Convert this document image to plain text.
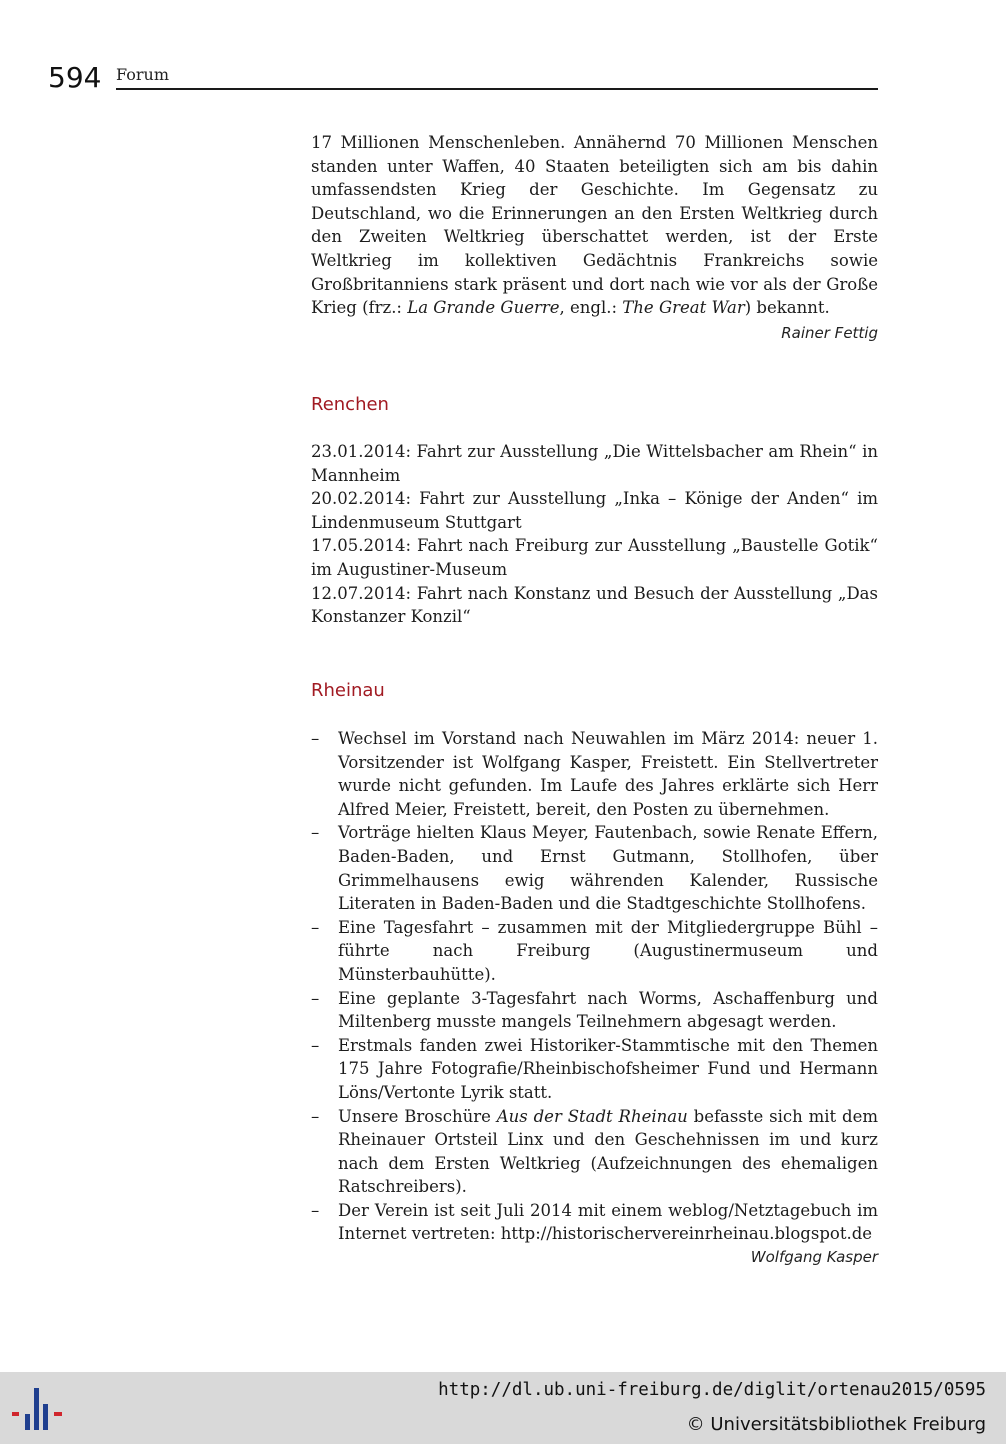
594 Forum

17 Millionen Menschenleben. Annähernd 70 Millionen Menschen standen unter Waffen, 40 Staaten beteiligten sich am bis dahin umfassendsten Krieg der Geschichte. Im Gegensatz zu Deutschland, wo die Erinnerungen an den Ersten Weltkrieg durch den Zweiten Weltkrieg überschattet werden, ist der Erste Weltkrieg im kollektiven Gedächtnis Frankreichs sowie Großbritanniens stark präsent und dort nach wie vor als der Große Krieg (frz.: La Grande Guerre, engl.: The Great War) bekannt.

Rainer Fettig
Renchen

23.01.2014: Fahrt zur Ausstellung „Die Wittelsbacher am Rhein“ in Mannheim

20.02.2014: Fahrt zur Ausstellung „Inka – Könige der Anden“ im Lindenmuseum Stuttgart

17.05.2014: Fahrt nach Freiburg zur Ausstellung „Baustelle Gotik“ im Augustiner-Museum

12.07.2014: Fahrt nach Konstanz und Besuch der Ausstellung „Das Konstanzer Konzil“

Rheinau
– Wechsel im Vorstand nach Neuwahlen im März 2014: neuer 1. Vorsitzender ist Wolfgang Kasper, Freistett. Ein Stellvertreter wurde nicht gefunden. Im Laufe des Jahres erklärte sich Herr Alfred Meier, Freistett, bereit, den Posten zu übernehmen.
– Vorträge hielten Klaus Meyer, Fautenbach, sowie Renate Effern, Baden-Baden, und Ernst Gutmann, Stollhofen, über Grimmelhausens ewig währenden Kalender, Russische Literaten in Baden-Baden und die Stadtgeschichte Stollhofens.
– Eine Tagesfahrt – zusammen mit der Mitgliedergruppe Bühl – führte nach Freiburg (Augustinermuseum und Münsterbauhütte).
– Eine geplante 3-Tagesfahrt nach Worms, Aschaffenburg und Miltenberg musste mangels Teilnehmern abgesagt werden.
– Erstmals fanden zwei Historiker-Stammtische mit den Themen 175 Jahre Fotografie/Rheinbischofsheimer Fund und Hermann Löns/Vertonte Lyrik statt.
– Unsere Broschüre Aus der Stadt Rheinau befasste sich mit dem Rheinauer Ortsteil Linx und den Geschehnissen im und kurz nach dem Ersten Weltkrieg (Aufzeichnungen des ehemaligen Ratschreibers).
– Der Verein ist seit Juli 2014 mit einem weblog/Netztagebuch im Internet vertreten: http://historischervereinrheinau.blogspot.de
Wolfgang Kasper
http://dl.ub.uni-freiburg.de/diglit/ortenau2015/0595
© Universitätsbibliothek Freiburg
